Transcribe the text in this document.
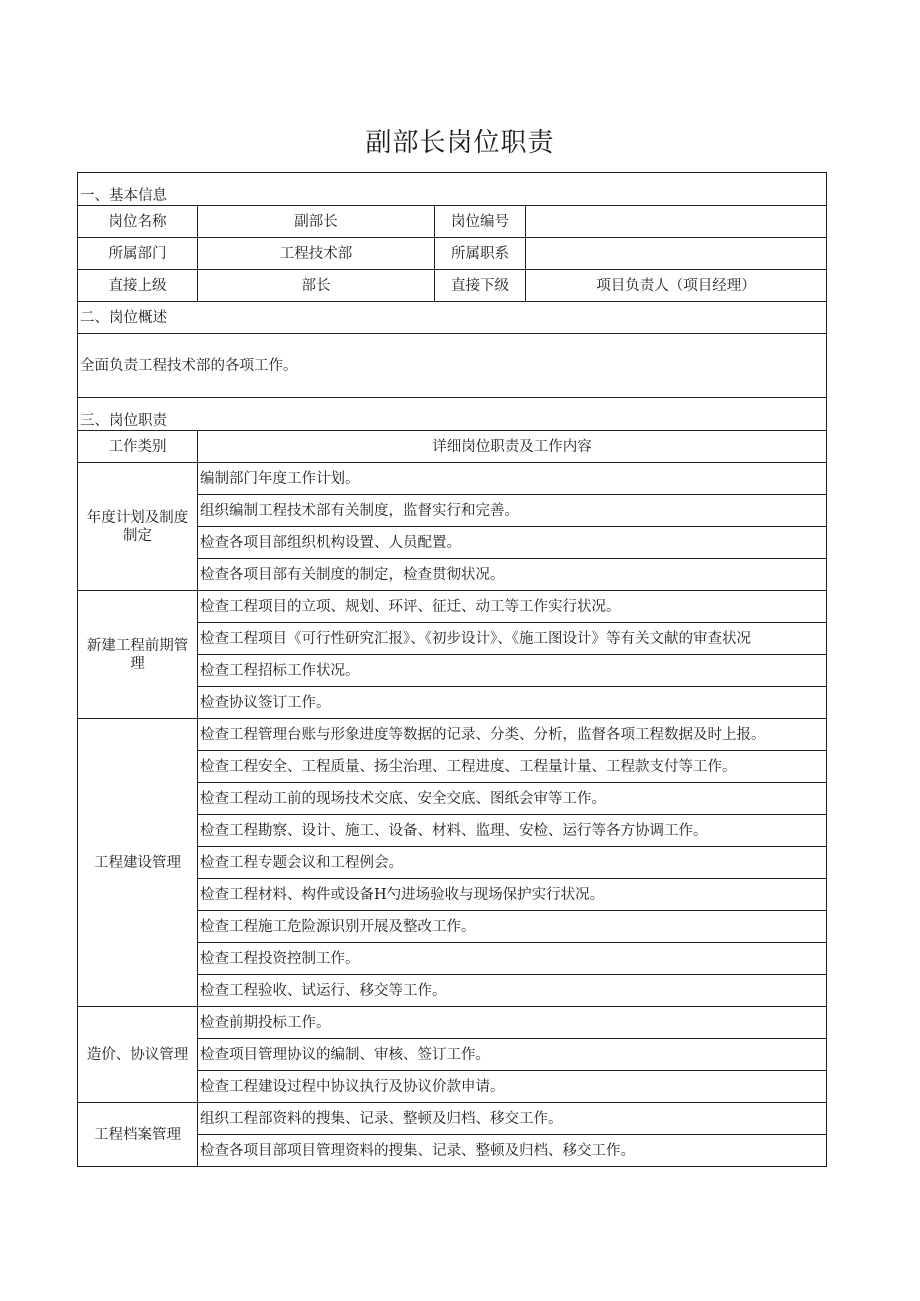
副部长岗位职责
一、基本信息			
岗位名称	副部长	岗位编号	
所属部门	工程技术部	所属职系	
直接上级	部长	直接下级	项目负责人（项目经理）
二、岗位概述			
全面负责工程技术部的各项工作。			
三、岗位职责			
工作类别	详细岗位职责及工作内容		
年度计划及制度制定	编制部门年度工作计划。		
	组织编制工程技术部有关制度，监督实行和完善。		
	检查各项目部组织机构设置、人员配置。		
	检查各项目部有关制度的制定，检查贯彻状况。		
新建工程前期管理	检查工程项目的立项、规划、环评、征迁、动工等工作实行状况。		
	检查工程项目《可行性研究汇报》、《初步设计》、《施工图设计》等有关文献的审查状况		
	检查工程招标工作状况。		
	检查协议签订工作。		
工程建设管理	检查工程管理台账与形象进度等数据的记录、分类、分析，监督各项工程数据及时上报。		
	检查工程安全、工程质量、扬尘治理、工程进度、工程量计量、工程款支付等工作。		
	检查工程动工前的现场技术交底、安全交底、图纸会审等工作。		
	检查工程勘察、设计、施工、设备、材料、监理、安检、运行等各方协调工作。		
	检查工程专题会议和工程例会。		
	检查工程材料、构件或设备H勺进场验收与现场保护实行状况。		
	检查工程施工危险源识别开展及整改工作。		
	检查工程投资控制工作。		
	检查工程验收、试运行、移交等工作。		
造价、协议管理	检查前期投标工作。		
	检查项目管理协议的编制、审核、签订工作。		
	检查工程建设过程中协议执行及协议价款申请。		
工程档案管理	组织工程部资料的搜集、记录、整顿及归档、移交工作。		
	检查各项目部项目管理资料的搜集、记录、整顿及归档、移交工作。		
